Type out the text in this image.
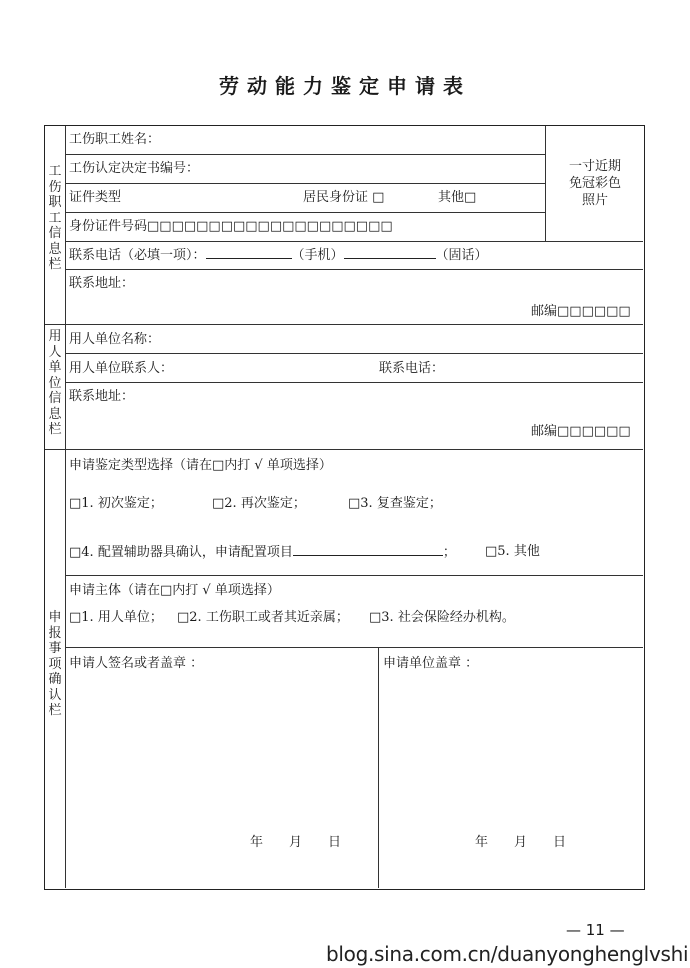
劳动能力鉴定申请表
工伤职工信息栏
用人单位信息栏
申报事项确认栏
工伤职工姓名：
工伤认定决定书编号：
证件类型	居民身份证 □	其他□
身份证件号码□□□□□□□□□□□□□□□□□□□□
一寸近期
免冠彩色
照片
联系电话（必填一项）：	（手机）	（固话）
联系地址：
邮编□□□□□□
用人单位名称：
用人单位联系人：	联系电话：
联系地址：
邮编□□□□□□
申请鉴定类型选择（请在□内打 √ 单项选择）
□1. 初次鉴定；	□2. 再次鉴定；	□3. 复查鉴定；
□4. 配置辅助器具确认，申请配置项目	； □5. 其他
申请主体（请在□内打 √ 单项选择）
□1. 用人单位； □2. 工伤职工或者其近亲属； □3. 社会保险经办机构。
申请人签名或者盖章 ：	申请单位盖章 ：
年　　月　　日	年　　月　　日
— 11 —
blog.sina.com.cn/duanyonghenglvshi
